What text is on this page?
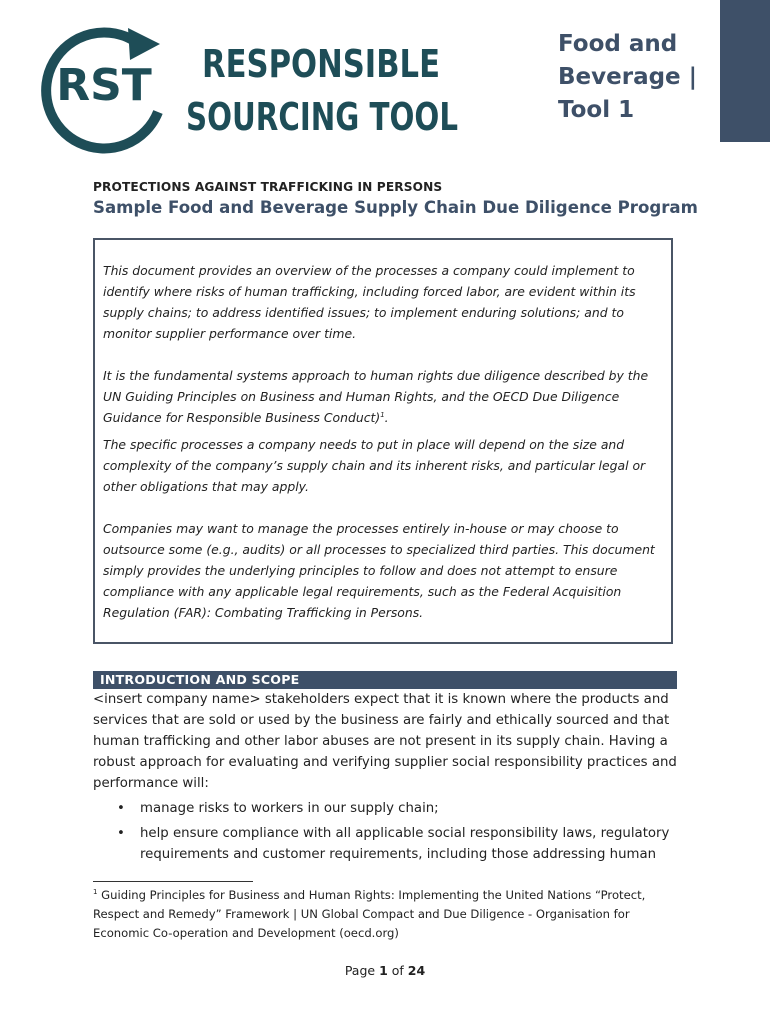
RST RESPONSIBLE
SOURCING TOOL
Food and
Beverage |
Tool 1
PROTECTIONS AGAINST TRAFFICKING IN PERSONS
Sample Food and Beverage Supply Chain Due Diligence Program

This document provides an overview of the processes a company could implement to identify where risks of human trafficking, including forced labor, are evident within its supply chains; to address identified issues; to implement enduring solutions; and to monitor supplier performance over time.

It is the fundamental systems approach to human rights due diligence described by the UN Guiding Principles on Business and Human Rights, and the OECD Due Diligence Guidance for Responsible Business Conduct)$^1$.

The specific processes a company needs to put in place will depend on the size and complexity of the company’s supply chain and its inherent risks, and particular legal or other obligations that may apply.

Companies may want to manage the processes entirely in-house or may choose to outsource some (e.g., audits) or all processes to specialized third parties. This document simply provides the underlying principles to follow and does not attempt to ensure compliance with any applicable legal requirements, such as the Federal Acquisition Regulation (FAR): Combating Trafficking in Persons.

INTRODUCTION AND SCOPE

<insert company name> stakeholders expect that it is known where the products and services that are sold or used by the business are fairly and ethically sourced and that human trafficking and other labor abuses are not present in its supply chain. Having a robust approach for evaluating and verifying supplier social responsibility practices and performance will:

• manage risks to workers in our supply chain;
• help ensure compliance with all applicable social responsibility laws, regulatory requirements and customer requirements, including those addressing human
$^1$ Guiding Principles for Business and Human Rights: Implementing the United Nations “Protect, Respect and Remedy” Framework | UN Global Compact and Due Diligence - Organisation for Economic Co-operation and Development (oecd.org)
Page 1 of 24
